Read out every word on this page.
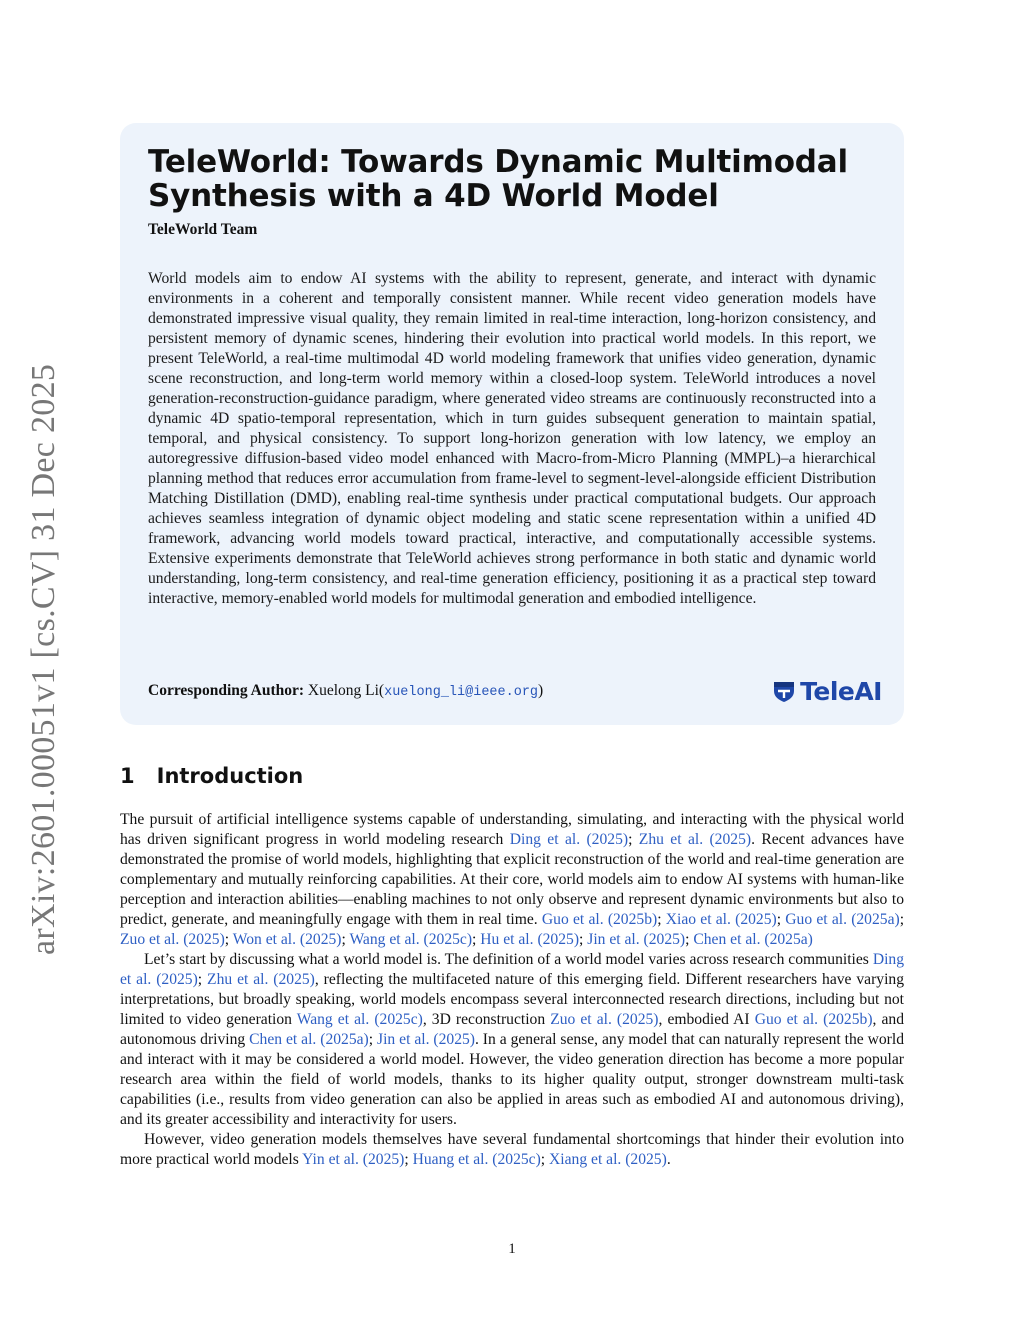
arXiv:2601.00051v1 [cs.CV] 31 Dec 2025
TeleWorld: Towards Dynamic Multimodal
Synthesis with a 4D World Model
TeleWorld Team
World models aim to endow AI systems with the ability to represent, generate, and interact with dynamic environments in a coherent and temporally consistent manner. While recent video generation models have demonstrated impressive visual quality, they remain limited in real-time interaction, long-horizon consistency, and persistent memory of dynamic scenes, hindering their evolution into practical world models. In this report, we present TeleWorld, a real-time multimodal 4D world modeling framework that unifies video generation, dynamic scene reconstruction, and long-term world memory within a closed-loop system. TeleWorld introduces a novel generation-reconstruction-guidance paradigm, where generated video streams are continuously reconstructed into a dynamic 4D spatio-temporal representation, which in turn guides subsequent generation to maintain spatial, temporal, and physical consistency. To support long-horizon generation with low latency, we employ an autoregressive diffusion-based video model enhanced with Macro-from-Micro Planning (MMPL)–a hierarchical planning method that reduces error accumulation from frame-level to segment-level-alongside efficient Distribution Matching Distillation (DMD), enabling real-time synthesis under practical computational budgets. Our approach achieves seamless integration of dynamic object modeling and static scene representation within a unified 4D framework, advancing world models toward practical, interactive, and computationally accessible systems. Extensive experiments demonstrate that TeleWorld achieves strong performance in both static and dynamic world understanding, long-term consistency, and real-time generation efficiency, positioning it as a practical step toward interactive, memory-enabled world models for multimodal generation and embodied intelligence.
Corresponding Author: Xuelong Li(xuelong_li@ieee.org)	TeleAI
1 Introduction

The pursuit of artificial intelligence systems capable of understanding, simulating, and interacting with the physical world has driven significant progress in world modeling research Ding et al. (2025); Zhu et al. (2025). Recent advances have demonstrated the promise of world models, highlighting that explicit reconstruction of the world and real-time generation are complementary and mutually reinforcing capabilities. At their core, world models aim to endow AI systems with human-like perception and interaction abilities—enabling machines to not only observe and represent dynamic environments but also to predict, generate, and meaningfully engage with them in real time. Guo et al. (2025b); Xiao et al. (2025); Guo et al. (2025a); Zuo et al. (2025); Won et al. (2025); Wang et al. (2025c); Hu et al. (2025); Jin et al. (2025); Chen et al. (2025a)

Let’s start by discussing what a world model is. The definition of a world model varies across research communities Ding et al. (2025); Zhu et al. (2025), reflecting the multifaceted nature of this emerging field. Different researchers have varying interpretations, but broadly speaking, world models encompass several interconnected research directions, including but not limited to video generation Wang et al. (2025c), 3D reconstruction Zuo et al. (2025), embodied AI Guo et al. (2025b), and autonomous driving Chen et al. (2025a); Jin et al. (2025). In a general sense, any model that can naturally represent the world and interact with it may be considered a world model. However, the video generation direction has become a more popular research area within the field of world models, thanks to its higher quality output, stronger downstream multi-task capabilities (i.e., results from video generation can also be applied in areas such as embodied AI and autonomous driving), and its greater accessibility and interactivity for users.

However, video generation models themselves have several fundamental shortcomings that hinder their evolution into more practical world models Yin et al. (2025); Huang et al. (2025c); Xiang et al. (2025).

1
